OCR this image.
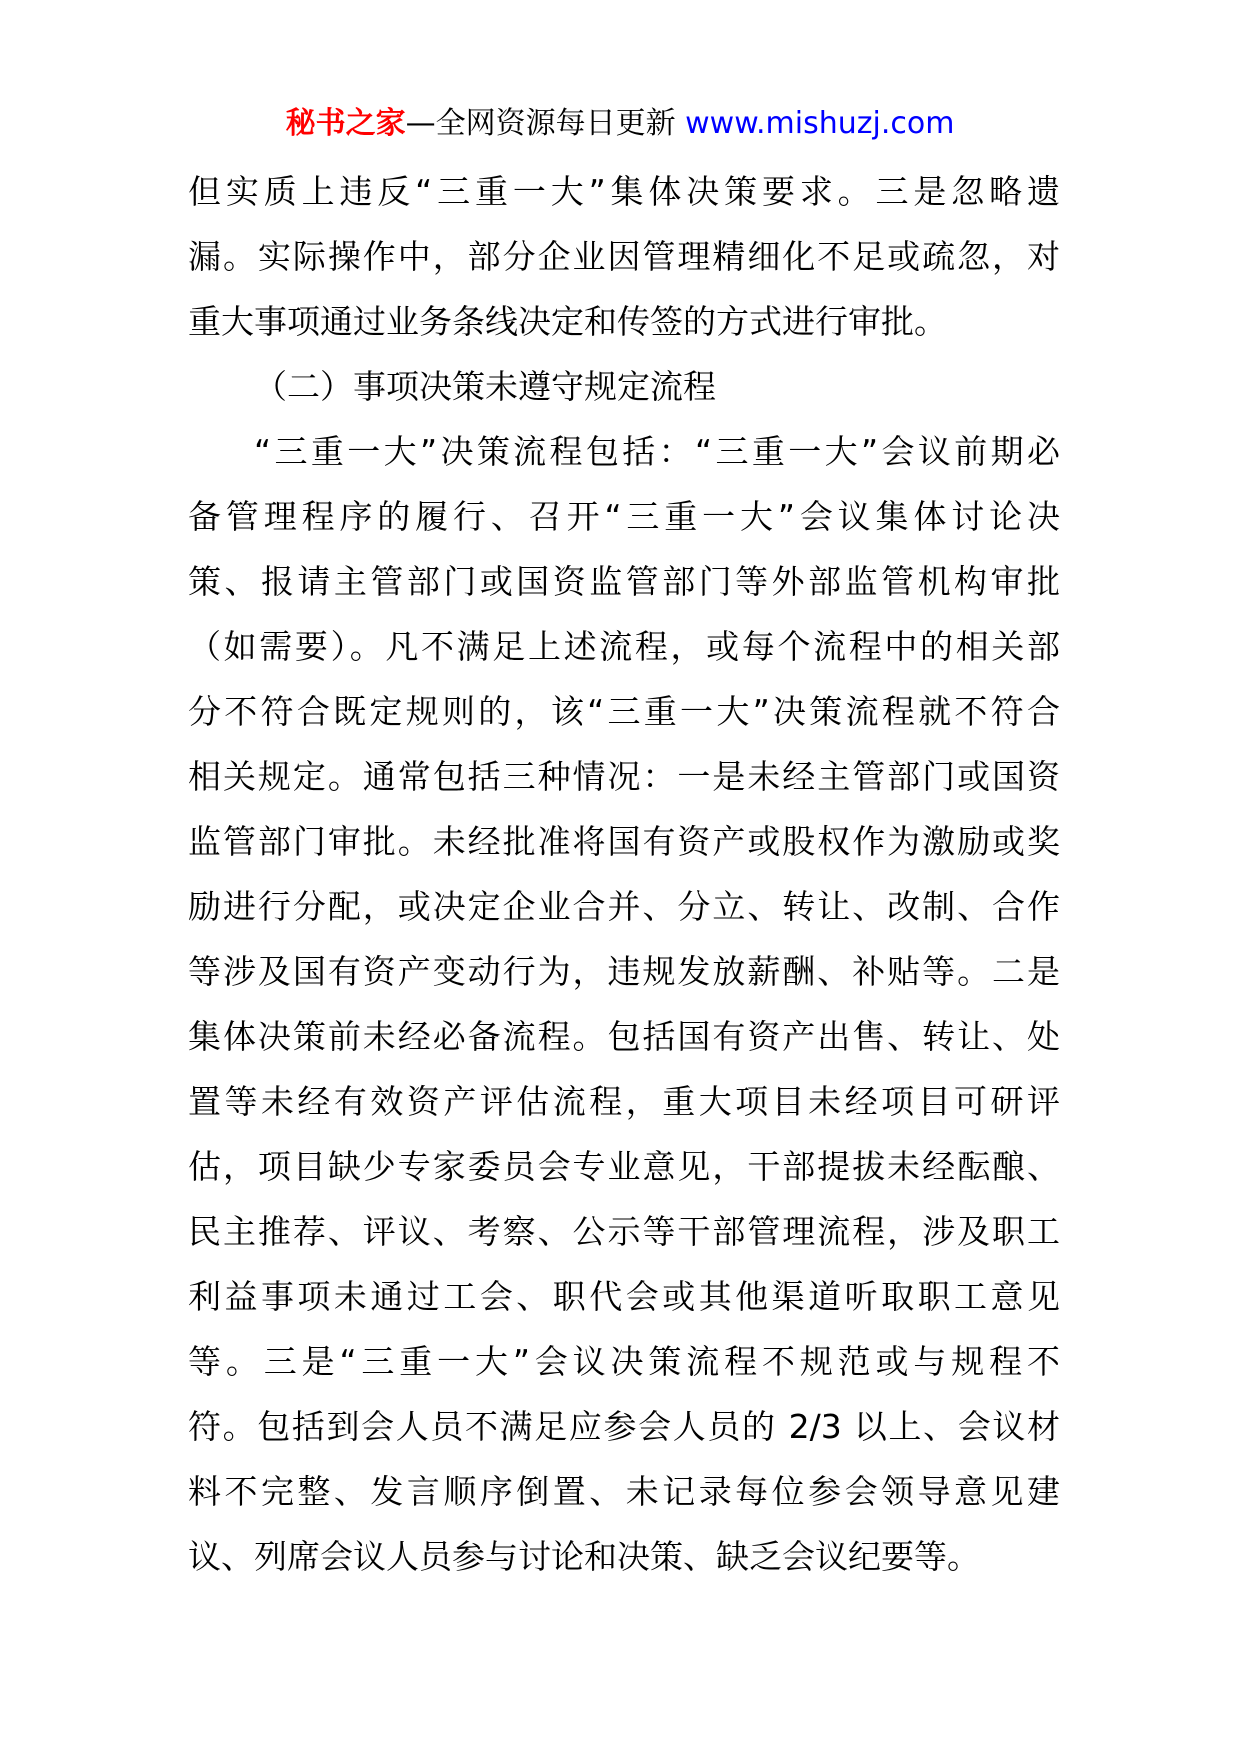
秘书之家—全网资源每日更新 www.mishuzj.com
但实质上违反“三重一大”集体决策要求。三是忽略遗
漏。实际操作中，部分企业因管理精细化不足或疏忽，对
重大事项通过业务条线决定和传签的方式进行审批。
（二）事项决策未遵守规定流程
“三重一大”决策流程包括：“三重一大”会议前期必
备管理程序的履行、召开“三重一大”会议集体讨论决
策、报请主管部门或国资监管部门等外部监管机构审批
（如需要）。凡不满足上述流程，或每个流程中的相关部
分不符合既定规则的，该“三重一大”决策流程就不符合
相关规定。通常包括三种情况：一是未经主管部门或国资
监管部门审批。未经批准将国有资产或股权作为激励或奖
励进行分配，或决定企业合并、分立、转让、改制、合作
等涉及国有资产变动行为，违规发放薪酬、补贴等。二是
集体决策前未经必备流程。包括国有资产出售、转让、处
置等未经有效资产评估流程，重大项目未经项目可研评
估，项目缺少专家委员会专业意见，干部提拔未经酝酿、
民主推荐、评议、考察、公示等干部管理流程，涉及职工
利益事项未通过工会、职代会或其他渠道听取职工意见
等。三是“三重一大”会议决策流程不规范或与规程不
符。包括到会人员不满足应参会人员的 2/3 以上、会议材
料不完整、发言顺序倒置、未记录每位参会领导意见建
议、列席会议人员参与讨论和决策、缺乏会议纪要等。
